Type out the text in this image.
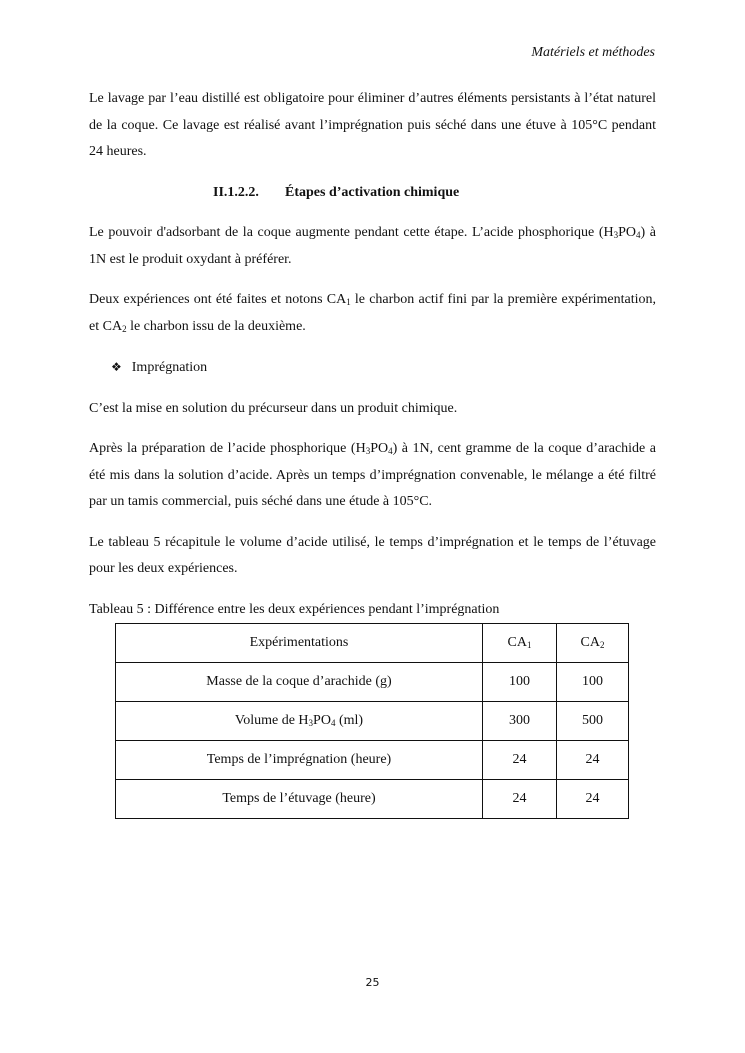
Matériels et méthodes

Le lavage par l’eau distillé est obligatoire pour éliminer d’autres éléments persistants à l’état naturel de la coque. Ce lavage est réalisé avant l’imprégnation puis séché dans une étuve à 105°C pendant 24 heures.

II.1.2.2. Étapes d’activation chimique

Le pouvoir d'adsorbant de la coque augmente pendant cette étape. L’acide phosphorique $(H_3PO_4)$ à 1N est le produit oxydant à préférer.

Deux expériences ont été faites et notons $CA_1$ le charbon actif fini par la première expérimentation, et $CA_2$ le charbon issu de la deuxième.

❖ Imprégnation

C’est la mise en solution du précurseur dans un produit chimique.

Après la préparation de l’acide phosphorique $(H_3PO_4)$ à 1N, cent gramme de la coque d’arachide a été mis dans la solution d’acide. Après un temps d’imprégnation convenable, le mélange a été filtré par un tamis commercial, puis séché dans une étude à 105°C.

Le tableau 5 récapitule le volume d’acide utilisé, le temps d’imprégnation et le temps de l’étuvage pour les deux expériences.

Tableau 5 : Différence entre les deux expériences pendant l’imprégnation
Expérimentations	$CA_1$	$CA_2$
Masse de la coque d’arachide (g)	100	100
Volume de $H_3PO_4$ (ml)	300	500
Temps de l’imprégnation (heure)	24	24
Temps de l’étuvage (heure)	24	24
25
